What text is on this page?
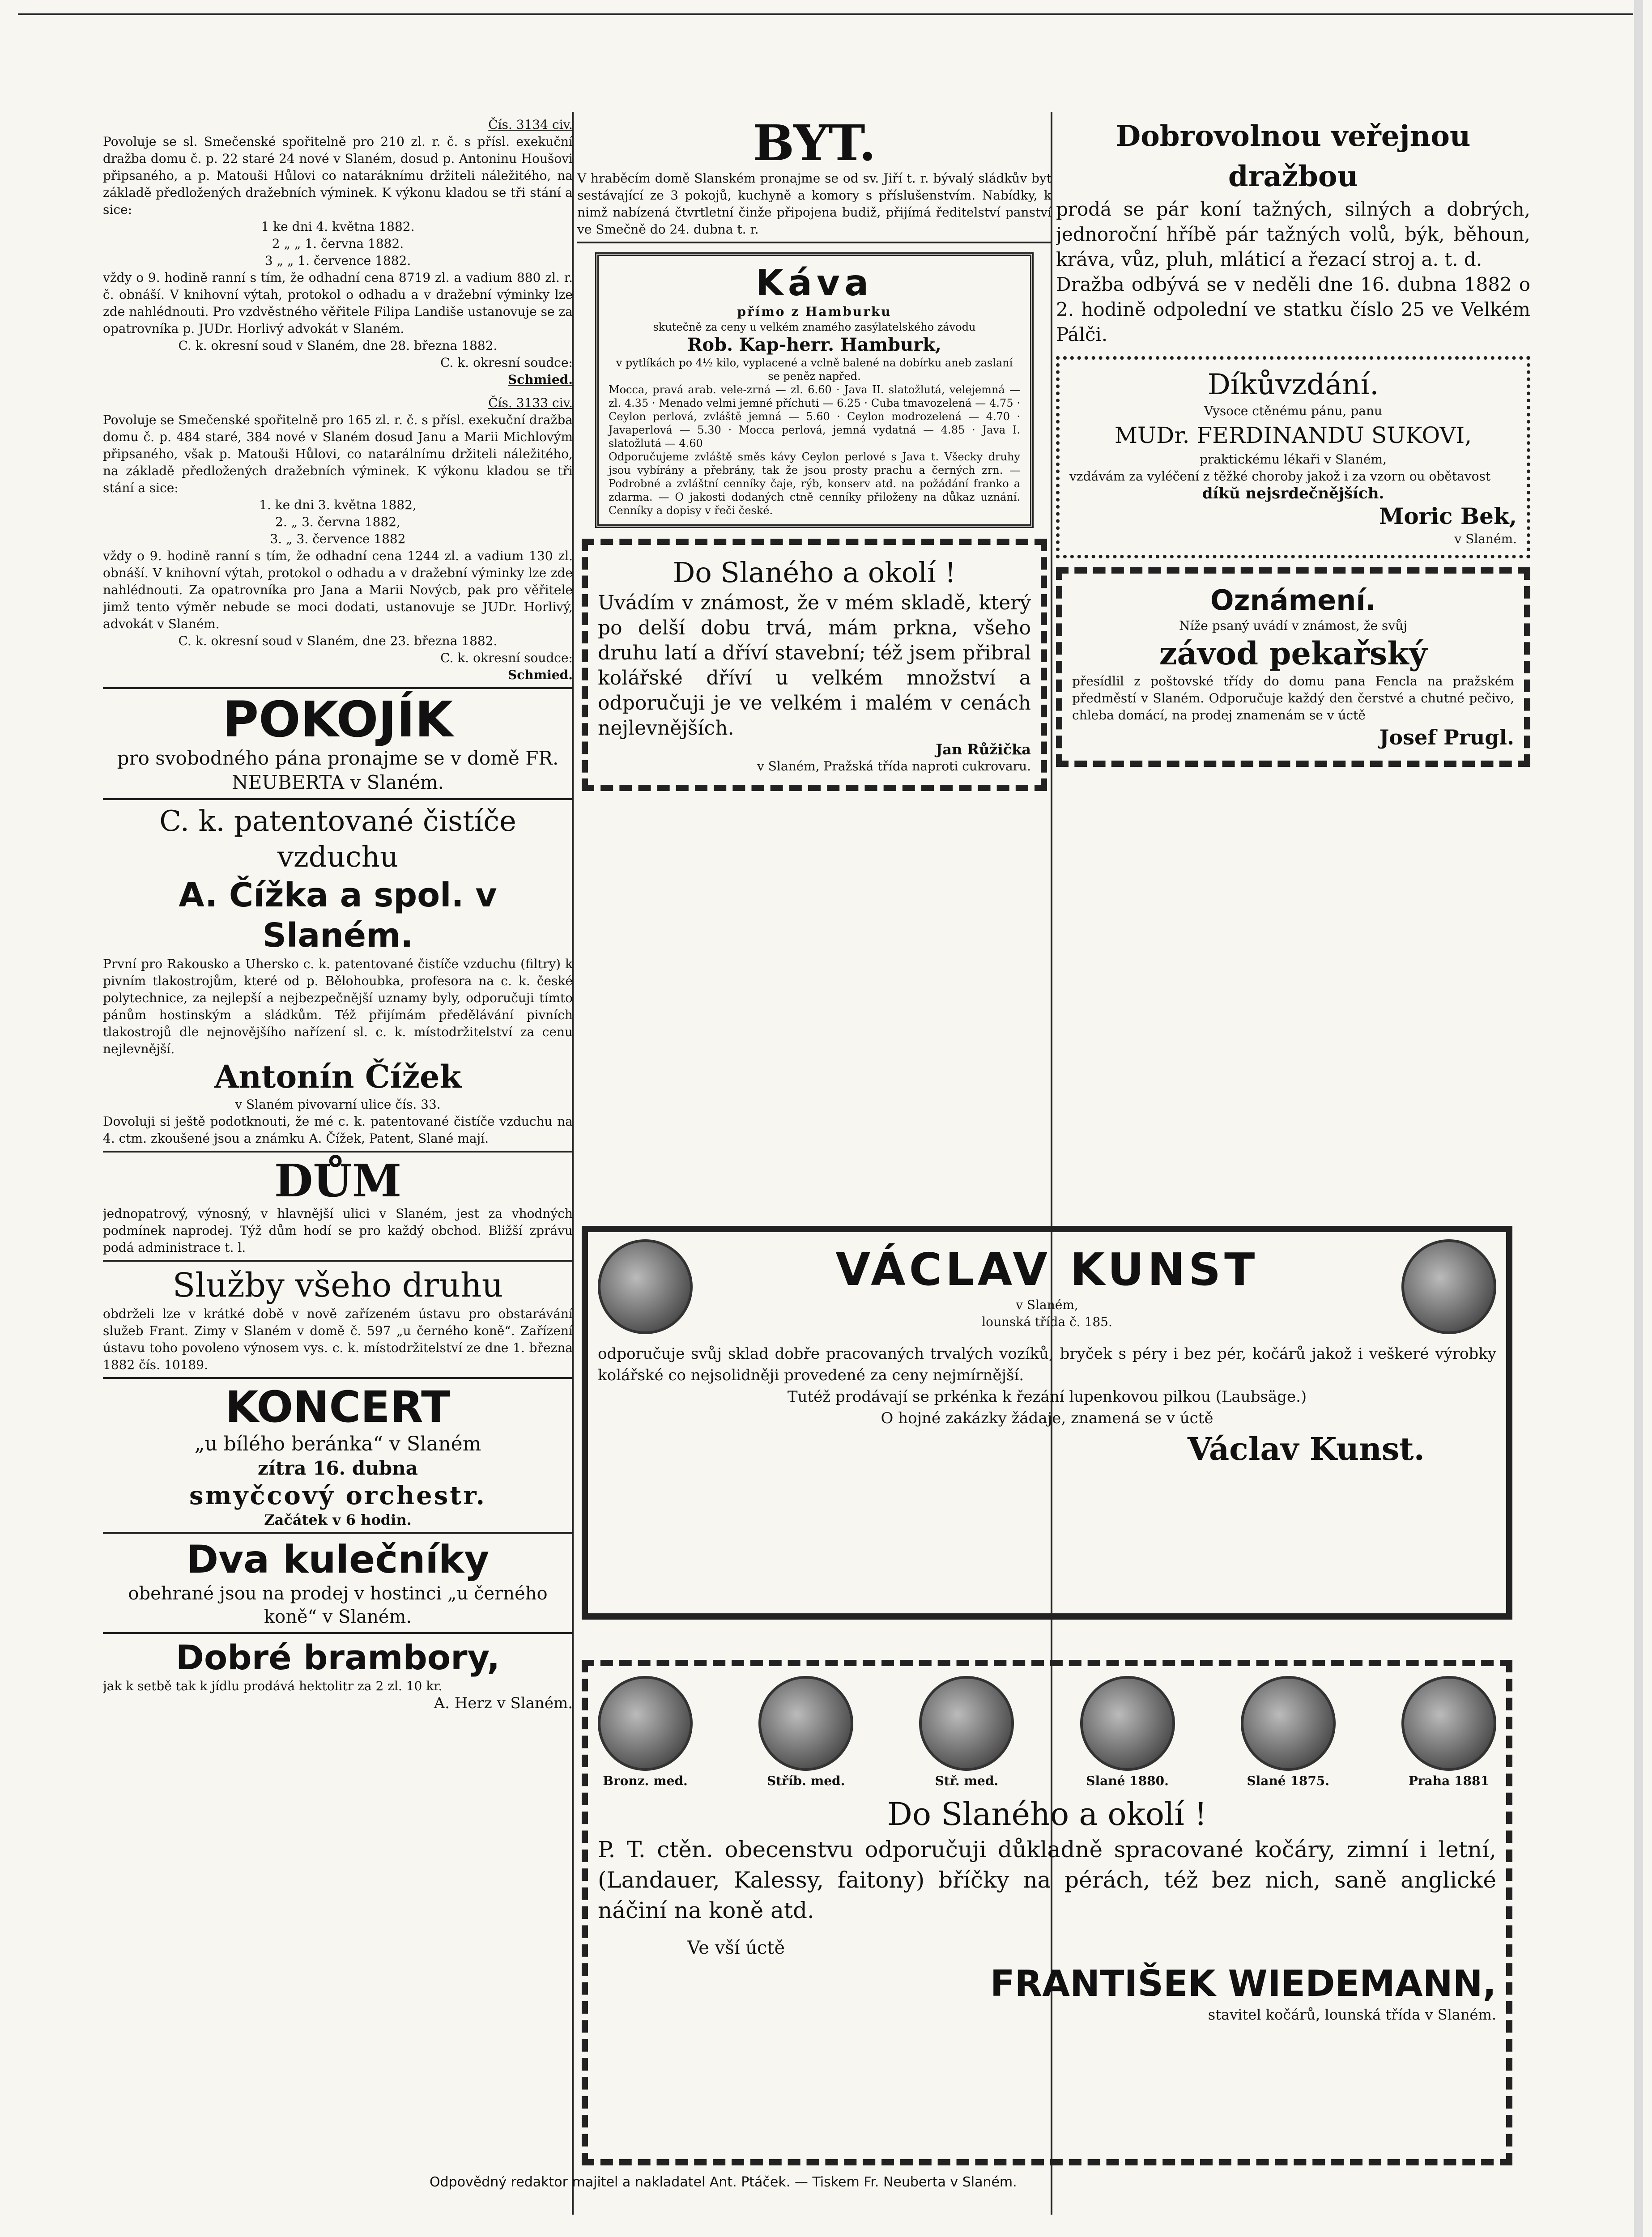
Čís. 3134 civ.

Povoluje se sl. Smečenské spořitelně pro 210 zl. r. č. s přísl. exekuční dražba domu č. p. 22 staré 24 nové v Slaném, dosud p. Antoninu Houšovi připsaného, a p. Matouši Hůlovi co nataráknímu držiteli náležitého, na základě předložených dražebních výminek. K výkonu kladou se tři stání a sice:

1 ke dni 4. května 1882.

2 „ „ 1. června 1882.

3 „ „ 1. července 1882.

vždy o 9. hodině ranní s tím, že odhadní cena 8719 zl. a vadium 880 zl. r. č. obnáší. V knihovní výtah, protokol o odhadu a v dražební výminky lze zde nahlédnouti. Pro vzdvěstného věřitele Filipa Landiše ustanovuje se za opatrovníka p. JUDr. Horlivý advokát v Slaném.

C. k. okresní soud v Slaném, dne 28. března 1882.

C. k. okresní soudce:

Schmied.

Čís. 3133 civ.

Povoluje se Smečenské spořitelně pro 165 zl. r. č. s přísl. exekuční dražba domu č. p. 484 staré, 384 nové v Slaném dosud Janu a Marii Michlovým připsaného, však p. Matouši Hůlovi, co natarálnímu držiteli náležitého, na základě předložených dražebních výminek. K výkonu kladou se tři stání a sice:

1. ke dni 3. května 1882,

2. „ 3. června 1882,

3. „ 3. července 1882

vždy o 9. hodině ranní s tím, že odhadní cena 1244 zl. a vadium 130 zl. obnáší. V knihovní výtah, protokol o odhadu a v dražební výminky lze zde nahlédnouti. Za opatrovníka pro Jana a Marii Novýcb, pak pro věřitele jimž tento výměr nebude se moci dodati, ustanovuje se JUDr. Horlivý, advokát v Slaném.

C. k. okresní soud v Slaném, dne 23. března 1882.

C. k. okresní soudce:

Schmied.

POKOJÍK

pro svobodného pána pronajme se v domě FR. NEUBERTA v Slaném.

C. k. patentované čistíče vzduchu
A. Čížka a spol. v Slaném.

První pro Rakousko a Uhersko c. k. patentované čistíče vzduchu (filtry) k pivním tlakostrojům, které od p. Bělohoubka, profesora na c. k. české polytechnice, za nejlepší a nejbezpečnější uznamy byly, odporučuji tímto pánům hostinským a sládkům. Též přijímám předělávání pivních tlakostrojů dle nejnovějšího nařízení sl. c. k. místodržitelství za cenu nejlevnější.

Antonín Čížek

v Slaném pivovarní ulice čís. 33.

Dovoluji si ještě podotknouti, že mé c. k. patentované čistíče vzduchu na 4. ctm. zkoušené jsou a známku A. Čížek, Patent, Slané mají.

DŮM

jednopatrový, výnosný, v hlavnější ulici v Slaném, jest za vhodných podmínek naprodej. Týž dům hodí se pro každý obchod. Bližší zprávu podá administrace t. l.

Služby všeho druhu

obdrželi lze v krátké době v nově zařízeném ústavu pro obstarávání služeb Frant. Zimy v Slaném v domě č. 597 „u černého koně“. Zařízení ústavu toho povoleno výnosem vys. c. k. místodržitelství ze dne 1. března 1882 čís. 10189.

KONCERT

„u bílého beránka“ v Slaném

zítra 16. dubna

smyčcový orchestr.

Začátek v 6 hodin.

Dva kulečníky

obehrané jsou na prodej v hostinci „u černého koně“ v Slaném.

Dobré brambory,

jak k setbě tak k jídlu prodává hektolitr za 2 zl. 10 kr.

A. Herz v Slaném.

BYT.

V hraběcím domě Slanském pronajme se od sv. Jiří t. r. bývalý sládkův byt sestávající ze 3 pokojů, kuchyně a komory s příslušenstvím. Nabídky, k nimž nabízená čtvrtletní činže připojena budiž, přijímá ředitelství panství ve Smečně do 24. dubna t. r.

Káva

přímo z Hamburku

skutečně za ceny u velkém znamého zasýlatelského závodu

Rob. Kap-herr. Hamburk,

v pytlíkách po 4½ kilo, vyplacené a vclně balené na dobírku aneb zaslaní se peněz napřed.

Mocca, pravá arab. vele-zrná — zl. 6.60 · Java II. slatožlutá, velejemná — zl. 4.35 · Menado velmi jemné příchuti — 6.25 · Cuba tmavozelená — 4.75 · Ceylon perlová, zvláště jemná — 5.60 · Ceylon modrozelená — 4.70 · Javaperlová — 5.30 · Mocca perlová, jemná vydatná — 4.85 · Java I. slatožlutá — 4.60

Odporučujeme zvláště směs kávy Ceylon perlové s Java t. Všecky druhy jsou vybírány a přebrány, tak že jsou prosty prachu a černých zrn. — Podrobné a zvláštní cenníky čaje, rýb, konserv atd. na požádání franko a zdarma. — O jakosti dodaných ctně cenníky přiloženy na důkaz uznání. Cenníky a dopisy v řeči české.

Do Slaného a okolí !

Uvádím v známost, že v mém skladě, který po delší dobu trvá, mám prkna, všeho druhu latí a dříví stavební; též jsem přibral kolářské dříví u velkém množství a odporučuji je ve velkém i malém v cenách nejlevnějších.

Jan Růžička

v Slaném, Pražská třída naproti cukrovaru.

Dobrovolnou veřejnou dražbou

prodá se pár koní tažných, silných a dobrých, jednoroční hříbě pár tažných volů, býk, běhoun, kráva, vůz, pluh, mláticí a řezací stroj a. t. d.

Dražba odbývá se v neděli dne 16. dubna 1882 o 2. hodině odpolední ve statku číslo 25 ve Velkém Pálči.

Díkůvzdání.

Vysoce ctěnému pánu, panu

MUDr. FERDINANDU SUKOVI,

praktickému lékaři v Slaném,

vzdávám za vyléčení z těžké choroby jakož i za vzorn ou obětavost

díkŭ nejsrdečnějších.

Moric Bek,

v Slaném.

Oznámení.

Níže psaný uvádí v známost, že svůj

závod pekařský

přesídlil z poštovské třídy do domu pana Fencla na pražském předměstí v Slaném. Odporučuje každý den čerstvé a chutné pečivo, chleba domácí, na prodej znamenám se v úctě

Josef Prugl.

VÁCLAV KUNST

v Slaném,

lounská třída č. 185.

odporučuje svůj sklad dobře pracovaných trvalých vozíků, bryček s péry i bez pér, kočárů jakož i veškeré výrobky kolářské co nejsolidněji provedené za ceny nejmírnější.

Tutéž prodávají se prkénka k řezání lupenkovou pilkou (Laubsäge.)

O hojné zakázky žádaje, znamená se v úctě

Václav Kunst.

Bronz. med.	Stříb. med.	Stř. med.	Slané 1880.	Slané 1875.	Praha 1881

Do Slaného a okolí !

P. T. ctěn. obecenstvu odporučuji důkladně spracované kočáry, zimní i letní, (Landauer, Kalessy, faitony) bříčky na pérách, též bez nich, saně anglické náčiní na koně atd.

Ve vší úctě

FRANTIŠEK WIEDEMANN,

stavitel kočárů, lounská třída v Slaném.

Odpovědný redaktor majitel a nakladatel Ant. Ptáček. — Tiskem Fr. Neuberta v Slaném.
